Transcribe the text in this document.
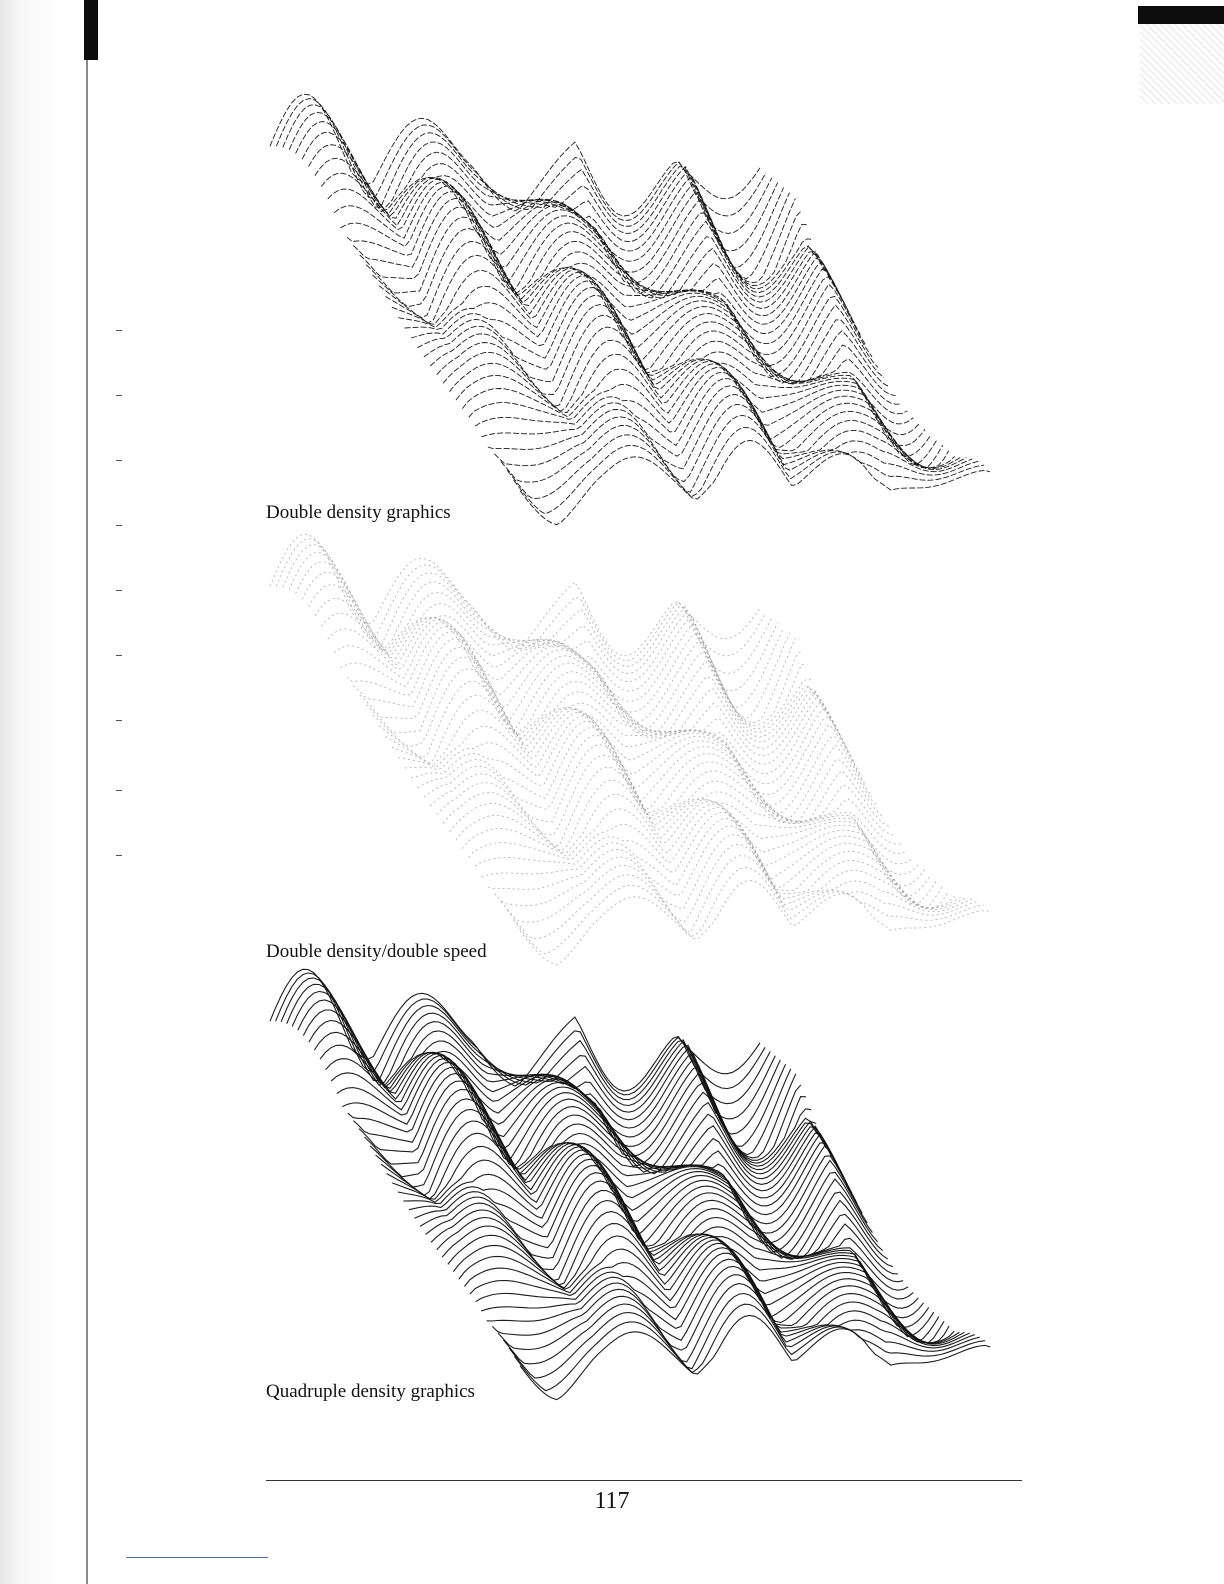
Double density graphics
Double density/double speed
Quadruple density graphics
117
